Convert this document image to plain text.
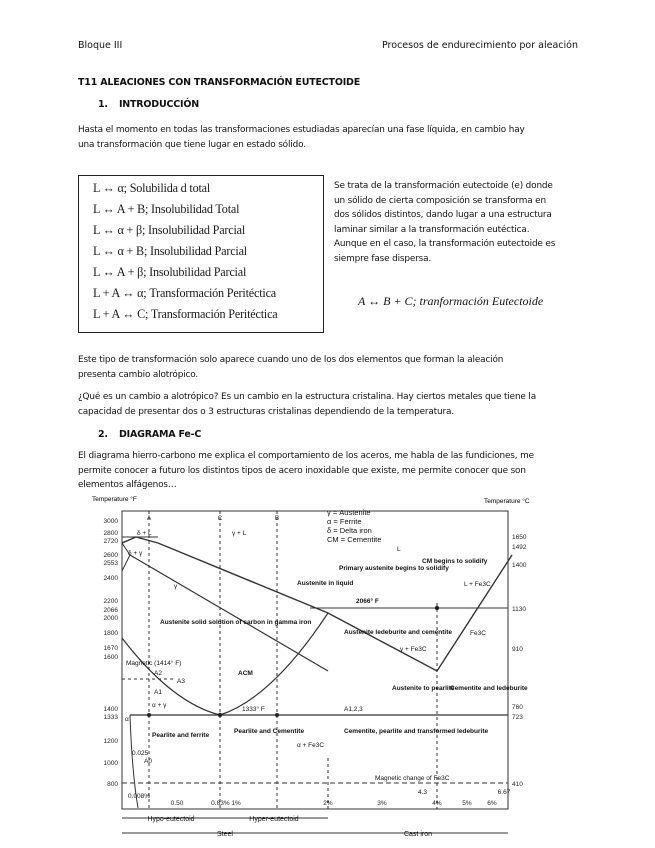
Bloque III	Procesos de endurecimiento por aleación
T11 ALEACIONES CON TRANSFORMACIÓN EUTECTOIDE
1. INTRODUCCIÓN
Hasta el momento en todas las transformaciones estudiadas aparecían una fase líquida, en cambio hay
una transformación que tiene lugar en estado sólido.
L ↔ α; Solubilida d total
L ↔ A + B; Insolubilidad Total
L ↔ α + β; Insolubilidad Parcial
L ↔ α + B; Insolubilidad Parcial
L ↔ A + β; Insolubilidad Parcial
L + A ↔ α; Transformación Peritéctica
L + A ↔ C; Transformación Peritéctica
Se trata de la transformación eutectoide (e) donde
un sólido de cierta composición se transforma en
dos sólidos distintos, dando lugar a una estructura
laminar similar a la transformación eutéctica.
Aunque en el caso, la transformación eutectoide es
siempre fase dispersa.
A ↔ B + C; tranformación Eutectoide
Este tipo de transformación solo aparece cuando uno de los dos elementos que forman la aleación
presenta cambio alotrópico.
¿Qué es un cambio a alotrópico? Es un cambio en la estructura cristalina. Hay ciertos metales que tiene la
capacidad de presentar dos o 3 estructuras cristalinas dependiendo de la temperatura.
2. DIAGRAMA Fe-C
El diagrama hierro-carbono me explica el comportamiento de los aceros, me habla de las fundiciones, me
permite conocer a futuro los distintos tipos de acero inoxidable que existe, me permite conocer que son
elementos alfágenos…
Temperature °F	Temperature °C
3000
2800
2720
2600
2553
2400
2200
2066
2000
1800
1670
1600
1400
1333
1200
1000
800
1650
1492
1400
1130
910
760
723
410
γ = Austenite
α = Ferrite
δ = Delta iron
CM = Cementite
A	C	B
L
δ + L
δ + γ
γ + L
γ	Austenite in liquid
Primary austenite begins to solidify
CM begins to solidify
L + Fe3C
2066° F
Austenite solid solution of carbon in gamma iron
ACM
Austenite ledeburite and cementite	Fe3C
γ + Fe3C
Austenite to pearlite
Cementite and ledeburite
Magnetic (1414° F)
A2
A3
A1
A0
α + γ
1333° F	A1,2,3
α
Pearlite and ferrite
Pearlite and Cementite	Cementite, pearlite and transformed ledeburite
α + Fe3C
Magnetic change of Fe3C
4.3
0.008%
0.025
0.50	0.83% 1%	2%	3%	4%	5% 6%
6.67
Hypo-eutectoid	Hyper-eutectoid
Steel	Cast iron
